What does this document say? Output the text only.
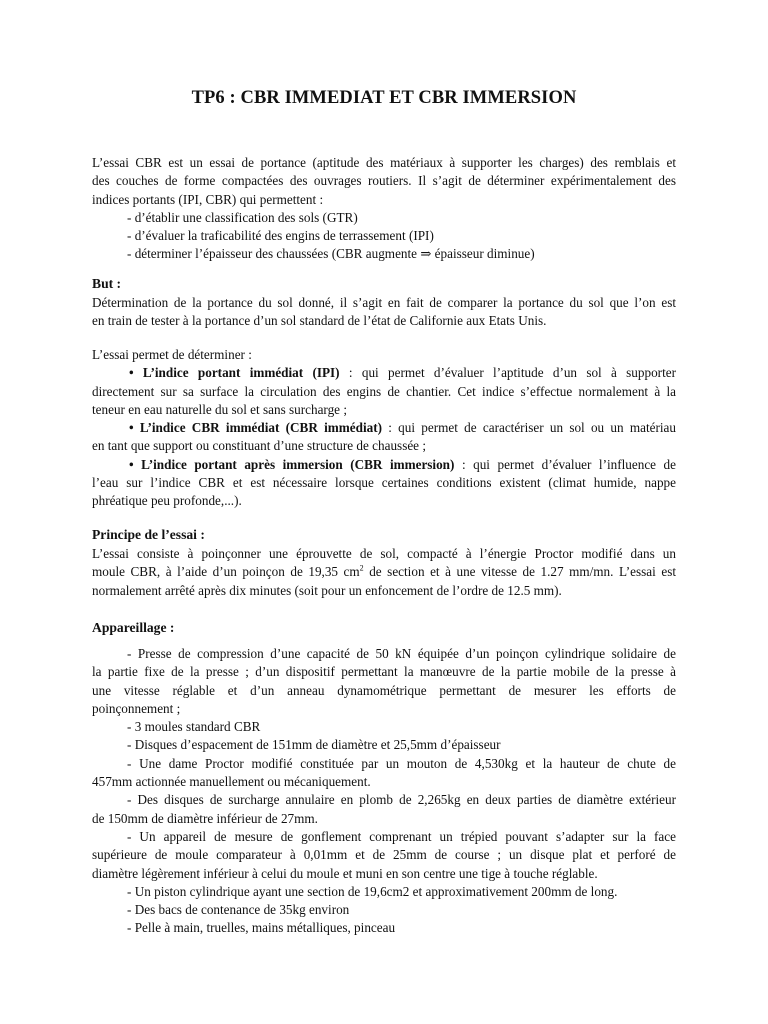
TP6 : CBR IMMEDIAT ET CBR IMMERSION
L’essai CBR est un essai de portance (aptitude des matériaux à supporter les charges) des remblais et
des couches de forme compactées des ouvrages routiers. Il s’agit de déterminer expérimentalement des
indices portants (IPI, CBR) qui permettent :
- d’établir une classification des sols (GTR)
- d’évaluer la traficabilité des engins de terrassement (IPI)
- déterminer l’épaisseur des chaussées (CBR augmente ⇒ épaisseur diminue)
But :
Détermination de la portance du sol donné, il s’agit en fait de comparer la portance du sol que l’on est
en train de tester à la portance d’un sol standard de l’état de Californie aux Etats Unis.
L’essai permet de déterminer :
• L’indice portant immédiat (IPI) : qui permet d’évaluer l’aptitude d’un sol à supporter
directement sur sa surface la circulation des engins de chantier. Cet indice s’effectue normalement à la
teneur en eau naturelle du sol et sans surcharge ;
• L’indice CBR immédiat (CBR immédiat) : qui permet de caractériser un sol ou un matériau
en tant que support ou constituant d’une structure de chaussée ;
• L’indice portant après immersion (CBR immersion) : qui permet d’évaluer l’influence de
l’eau sur l’indice CBR et est nécessaire lorsque certaines conditions existent (climat humide, nappe
phréatique peu profonde,...).
Principe de l’essai :
L’essai consiste à poinçonner une éprouvette de sol, compacté à l’énergie Proctor modifié dans un
moule CBR, à l’aide d’un poinçon de 19,35 $cm^2$ de section et à une vitesse de 1.27 mm/mn. L’essai est
normalement arrêté après dix minutes (soit pour un enfoncement de l’ordre de 12.5 mm).
Appareillage :
- Presse de compression d’une capacité de 50 kN équipée d’un poinçon cylindrique solidaire de
la partie fixe de la presse ; d’un dispositif permettant la manœuvre de la partie mobile de la presse à
une vitesse réglable et d’un anneau dynamométrique permettant de mesurer les efforts de
poinçonnement ;
- 3 moules standard CBR
- Disques d’espacement de 151mm de diamètre et 25,5mm d’épaisseur
- Une dame Proctor modifié constituée par un mouton de 4,530kg et la hauteur de chute de
457mm actionnée manuellement ou mécaniquement.
- Des disques de surcharge annulaire en plomb de 2,265kg en deux parties de diamètre extérieur
de 150mm de diamètre inférieur de 27mm.
- Un appareil de mesure de gonflement comprenant un trépied pouvant s’adapter sur la face
supérieure de moule comparateur à 0,01mm et de 25mm de course ; un disque plat et perforé de
diamètre légèrement inférieur à celui du moule et muni en son centre une tige à touche réglable.
- Un piston cylindrique ayant une section de 19,6cm2 et approximativement 200mm de long.
- Des bacs de contenance de 35kg environ
- Pelle à main, truelles, mains métalliques, pinceau
